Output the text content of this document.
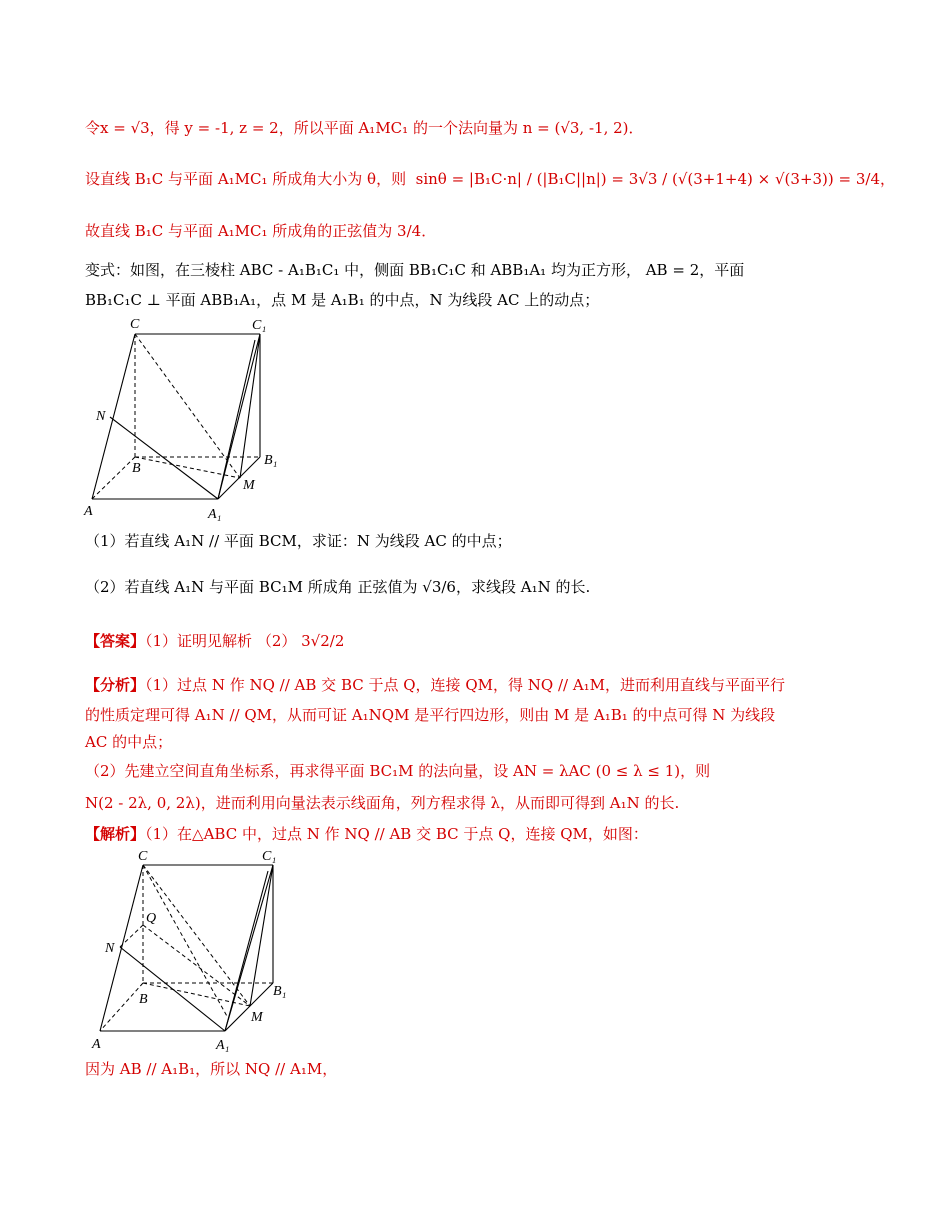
令x = √3，得 y = -1, z = 2，所以平面 A₁MC₁ 的一个法向量为 n = (√3, -1, 2)．
设直线 B₁C 与平面 A₁MC₁ 所成角大小为 θ，则 sinθ = |B₁C·n| / (|B₁C||n|) = 3√3 / (√(3+1+4) × √(3+3)) = 3/4，
故直线 B₁C 与平面 A₁MC₁ 所成角的正弦值为 3/4．
变式：如图，在三棱柱 ABC - A₁B₁C₁ 中，侧面 BB₁C₁C 和 ABB₁A₁ 均为正方形， AB = 2，平面
BB₁C₁C ⊥ 平面 ABB₁A₁，点 M 是 A₁B₁ 的中点，N 为线段 AC 上的动点；
C	C₁
N
B
B₁
M
A	A₁
（1）若直线 A₁N // 平面 BCM，求证：N 为线段 AC 的中点；
（2）若直线 A₁N 与平面 BC₁M 所成角 正弦值为 √3/6，求线段 A₁N 的长.
【答案】（1）证明见解析 （2） 3√2/2
【分析】（1）过点 N 作 NQ // AB 交 BC 于点 Q，连接 QM，得 NQ // A₁M，进而利用直线与平面平行
的性质定理可得 A₁N // QM，从而可证 A₁NQM 是平行四边形，则由 M 是 A₁B₁ 的中点可得 N 为线段
AC 的中点；
（2）先建立空间直角坐标系，再求得平面 BC₁M 的法向量，设 AN = λAC (0 ≤ λ ≤ 1)，则
N(2 - 2λ, 0, 2λ)，进而利用向量法表示线面角，列方程求得 λ，从而即可得到 A₁N 的长.
【解析】（1）在△ABC 中，过点 N 作 NQ // AB 交 BC 于点 Q，连接 QM，如图：
C	C₁
Q
N
B
B₁
M
A	A₁
因为 AB // A₁B₁，所以 NQ // A₁M，
